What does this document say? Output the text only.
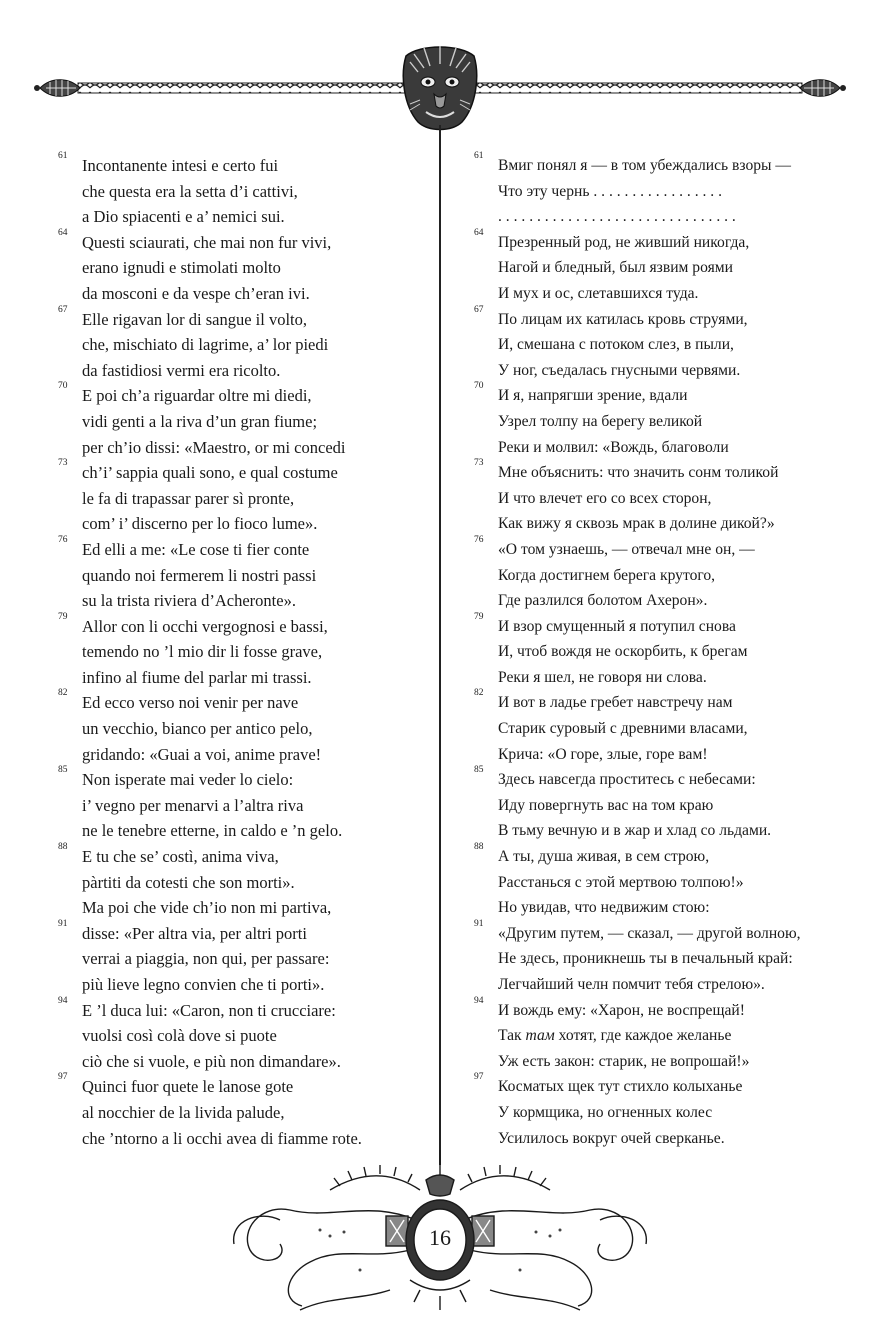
61 Incontanente intesi e certo fui
che questa era la setta d’i cattivi,
a Dio spiacenti e a’ nemici sui.
64 Questi sciaurati, che mai non fur vivi,
erano ignudi e stimolati molto
da mosconi e da vespe ch’eran ivi.
67 Elle rigavan lor di sangue il volto,
che, mischiato di lagrime, a’ lor piedi
da fastidiosi vermi era ricolto.
70 E poi ch’a riguardar oltre mi diedi,
vidi genti a la riva d’un gran fiume;
per ch’io dissi: «Maestro, or mi concedi
73 ch’i’ sappia quali sono, e qual costume
le fa di trapassar parer sì pronte,
com’ i’ discerno per lo fioco lume».
76 Ed elli a me: «Le cose ti fier conte
quando noi fermerem li nostri passi
su la trista riviera d’Acheronte».
79 Allor con li occhi vergognosi e bassi,
temendo no ’l mio dir li fosse grave,
infino al fiume del parlar mi trassi.
82 Ed ecco verso noi venir per nave
un vecchio, bianco per antico pelo,
gridando: «Guai a voi, anime prave!
85 Non isperate mai veder lo cielo:
i’ vegno per menarvi a l’altra riva
ne le tenebre etterne, in caldo e ’n gelo.
88 E tu che se’ costì, anima viva,
pàrtiti da cotesti che son morti».
Ma poi che vide ch’io non mi partiva,
91 disse: «Per altra via, per altri porti
verrai a piaggia, non qui, per passare:
più lieve legno convien che ti porti».
94 E ’l duca lui: «Caron, non ti crucciare:
vuolsi così colà dove si puote
ciò che si vuole, e più non dimandare».
97 Quinci fuor quete le lanose gote
al nocchier de la livida palude,
che ’ntorno a li occhi avea di fiamme rote.
61
Вмиг понял я — в том убеждались взоры —
Что эту чернь . . . . . . . . . . . . . . . . .
. . . . . . . . . . . . . . . . . . . . . . . . . . . . . . .
64
Презренный род, не живший никогда,
Нагой и бледный, был язвим роями
И мух и ос, слетавшихся туда.
67
По лицам их катилась кровь струями,
И, смешана с потоком слез, в пыли,
У ног, съедалась гнусными червями.
70
И я, напрягши зрение, вдали
Узрел толпу на берегу великой
Реки и молвил: «Вождь, благоволи
73
Мне объяснить: что значить сонм толикой
И что влечет его со всех сторон,
Как вижу я сквозь мрак в долине дикой?»
76
«О том узнаешь, — отвечал мне он, —
Когда достигнем берега крутого,
Где разлился болотом Ахерон».
79
И взор смущенный я потупил снова
И, чтоб вождя не оскорбить, к брегам
Реки я шел, не говоря ни слова.
82
И вот в ладье гребет навстречу нам
Старик суровый с древними власами,
Крича: «О горе, злые, горе вам!
85
Здесь навсегда проститесь с небесами:
Иду повергнуть вас на том краю
В тьму вечную и в жар и хлад со льдами.
88
А ты, душа живая, в сем строю,
Расстанься с этой мертвою толпою!»
Но увидав, что недвижим стою:
91
«Другим путем, — сказал, — другой волною,
Не здесь, проникнешь ты в печальный край:
Легчайший челн помчит тебя стрелою».
94
И вождь ему: «Харон, не воспрещай!
Так там хотят, где каждое желанье
Уж есть закон: старик, не вопрошай!»
97
Косматых щек тут стихло колыханье
У кормщика, но огненных колес
Усилилось вокруг очей сверканье.
16
